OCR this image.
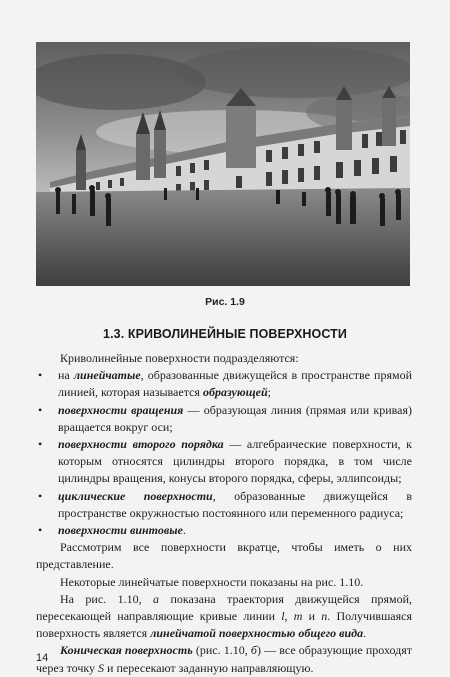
Рис. 1.9
1.3. КРИВОЛИНЕЙНЫЕ ПОВЕРХНОСТИ

Криволинейные поверхности подразделяются:

• на линейчатые, образованные движущейся в пространстве прямой линией, которая называется образующей;
• поверхности вращения — образующая линия (прямая или кривая) вращается вокруг оси;
• поверхности второго порядка — алгебраические поверхности, к которым относятся цилиндры второго порядка, в том числе цилиндры вращения, конусы второго порядка, сферы, эллипсоиды;
• циклические поверхности, образованные движущейся в пространстве окружностью постоянного или переменного радиуса;
• поверхности винтовые.

Рассмотрим все поверхности вкратце, чтобы иметь о них представление.

Некоторые линейчатые поверхности показаны на рис. 1.10.

На рис. 1.10, а показана траектория движущейся прямой, пересекающей направляющие кривые линии l, m и n. Получившаяся поверхность является линейчатой поверхностью общего вида.

Коническая поверхность (рис. 1.10, б) — все образующие проходят через точку S и пересекают заданную направляющую.

14
